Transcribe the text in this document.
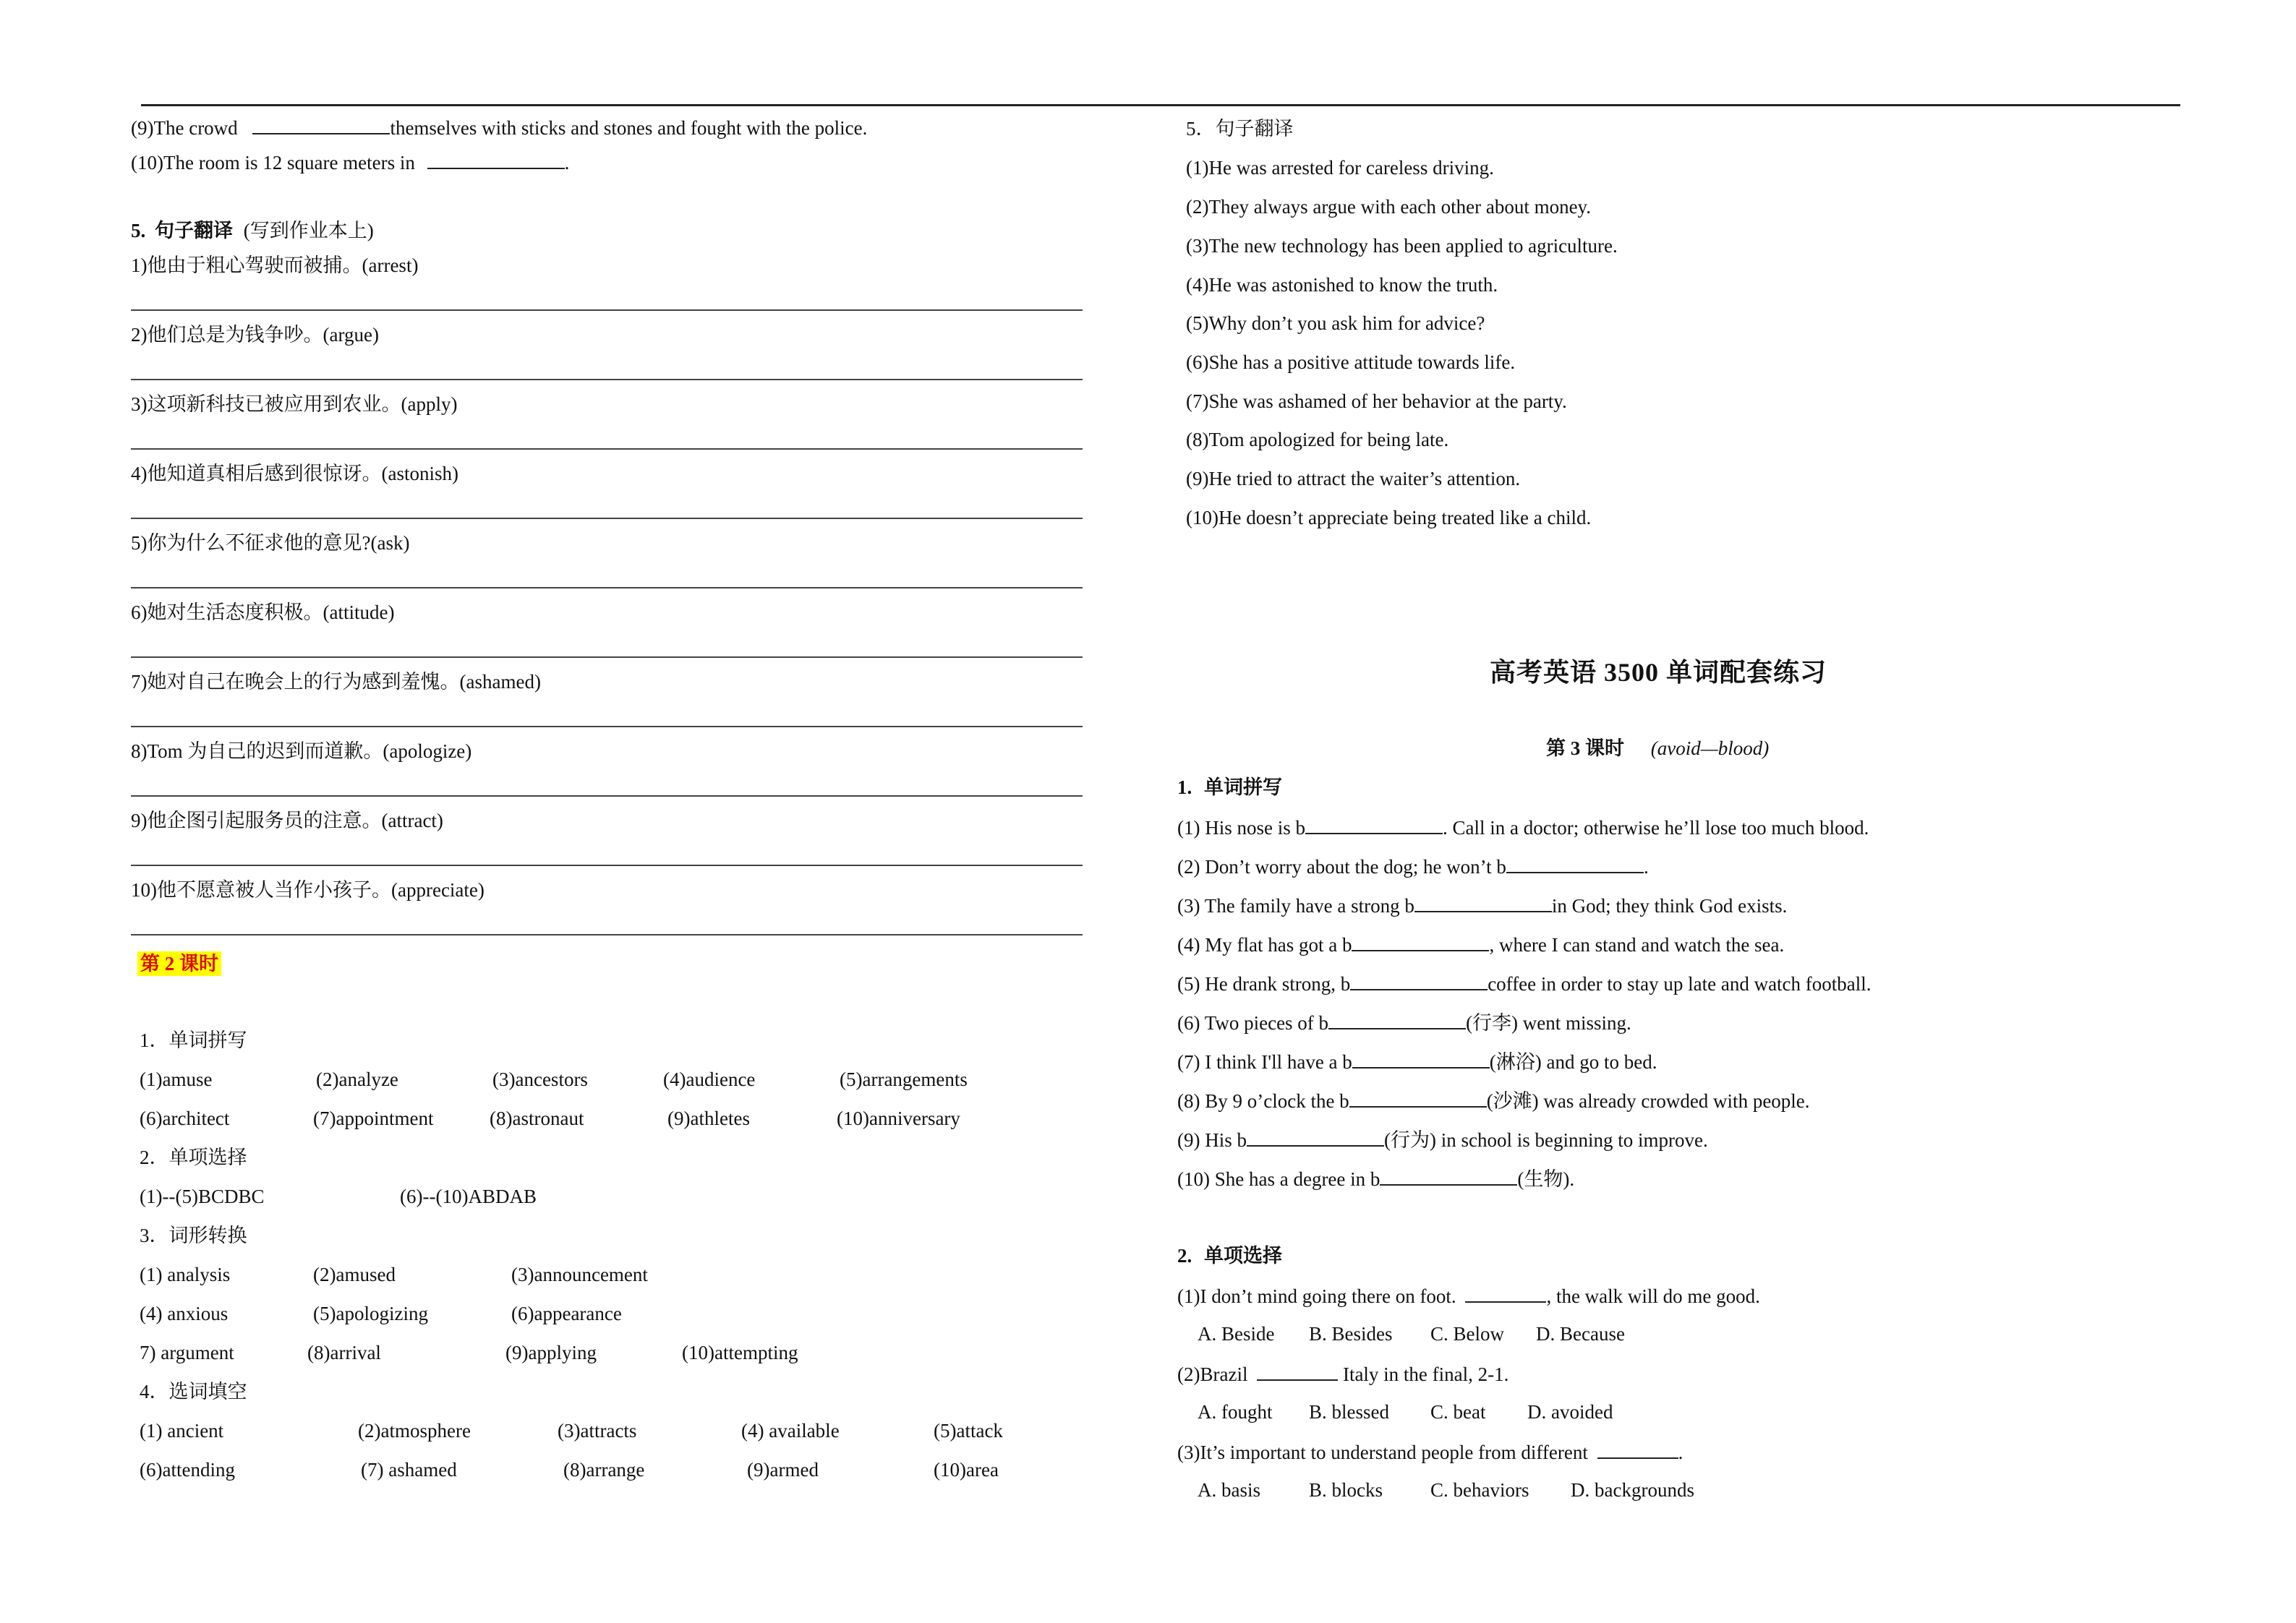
(9)The crowd	themselves with sticks and stones and fought with the police.
(10)The room is 12 square meters in	.
5. 句子翻译 (写到作业本上)
1)他由于粗心驾驶而被捕。(arrest)
2)他们总是为钱争吵。(argue)
3)这项新科技已被应用到农业。(apply)
4)他知道真相后感到很惊讶。(astonish)
5)你为什么不征求他的意见?(ask)
6)她对生活态度积极。(attitude)
7)她对自己在晚会上的行为感到羞愧。(ashamed)
8)Tom 为自己的迟到而道歉。(apologize)
9)他企图引起服务员的注意。(attract)
10)他不愿意被人当作小孩子。(appreciate)
第 2 课时
1．单词拼写
(1)amuse	(2)analyze	(3)ancestors	(4)audience	(5)arrangements
(6)architect	(7)appointment	(8)astronaut	(9)athletes	(10)anniversary
2．单项选择
(1)--(5)BCDBC	(6)--(10)ABDAB
3．词形转换
(1) analysis	(2)amused	(3)announcement
(4) anxious	(5)apologizing	(6)appearance
7) argument	(8)arrival	(9)applying	(10)attempting
4．选词填空
(1) ancient	(2)atmosphere	(3)attracts	(4) available	(5)attack
(6)attending	(7) ashamed	(8)arrange	(9)armed	(10)area
5．句子翻译
(1)He was arrested for careless driving.
(2)They always argue with each other about money.
(3)The new technology has been applied to agriculture.
(4)He was astonished to know the truth.
(5)Why don’t you ask him for advice?
(6)She has a positive attitude towards life.
(7)She was ashamed of her behavior at the party.
(8)Tom apologized for being late.
(9)He tried to attract the waiter’s attention.
(10)He doesn’t appreciate being treated like a child.
高考英语 3500 单词配套练习
第 3 课时 (avoid—blood)
1. 单词拼写
(1) His nose is b	. Call in a doctor; otherwise he’ll lose too much blood.
(2) Don’t worry about the dog; he won’t b	.
(3) The family have a strong b	in God; they think God exists.
(4) My flat has got a b	, where I can stand and watch the sea.
(5) He drank strong, b	coffee in order to stay up late and watch football.
(6) Two pieces of b	(行李) went missing.
(7) I think I'll have a b	(淋浴) and go to bed.
(8) By 9 o’clock the b	(沙滩) was already crowded with people.
(9) His b	(行为) in school is beginning to improve.
(10) She has a degree in b	(生物).
2. 单项选择
(1)I don’t mind going there on foot.	, the walk will do me good.
A. Beside B. Besides C. Below D. Because
(2)Brazil	Italy in the final, 2-1.
A. fought B. blessed C. beat D. avoided
(3)It’s important to understand people from different	.
A. basis B. blocks C. behaviors D. backgrounds
